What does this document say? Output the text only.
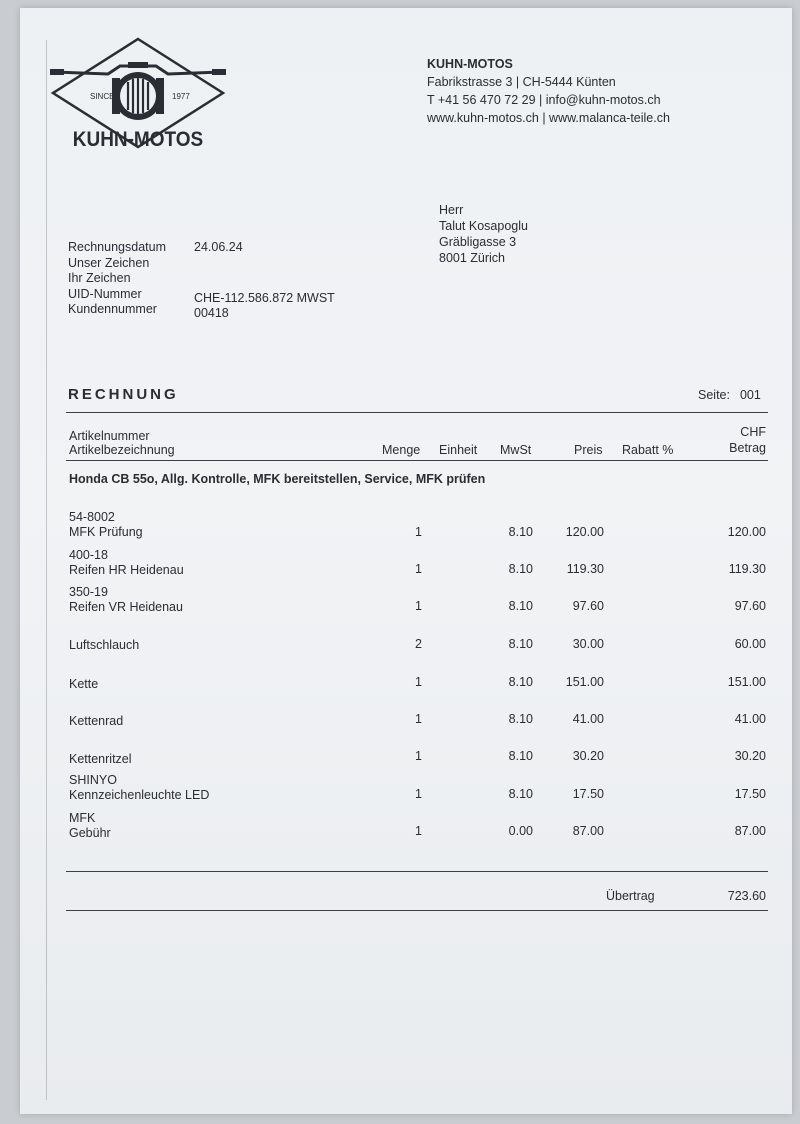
SINCE	1977
KUHN-MOTOS
KUHN-MOTOS
Fabrikstrasse 3 | CH-5444 Künten
T +41 56 470 72 29 | info@kuhn-motos.ch
www.kuhn-motos.ch | www.malanca-teile.ch
Herr
Talut Kosapoglu
Gräbligasse 3
8001 Zürich
Rechnungsdatum	24.06.24
Unser Zeichen
Ihr Zeichen
UID-Nummer	CHE-112.586.872 MWST
Kundennummer	00418
RECHNUNG	Seite: 001
Artikelnummer
Artikelbezeichnung	Menge Einheit MwSt	Preis Rabatt %
CHF
Betrag
Honda CB 55o, Allg. Kontrolle, MFK bereitstellen, Service, MFK prüfen
54-8002
MFK Prüfung	1	8.10	120.00	120.00
400-18
Reifen HR Heidenau	1	8.10	119.30	119.30
350-19
Reifen VR Heidenau	1	8.10	97.60	97.60
Luftschlauch	2	8.10	30.00	60.00
Kette	1	8.10	151.00	151.00
Kettenrad	1	8.10	41.00	41.00
Kettenritzel	1	8.10	30.20	30.20
SHINYO
Kennzeichenleuchte LED	1	8.10	17.50	17.50
MFK
Gebühr	1	0.00	87.00	87.00
Übertrag	723.60
